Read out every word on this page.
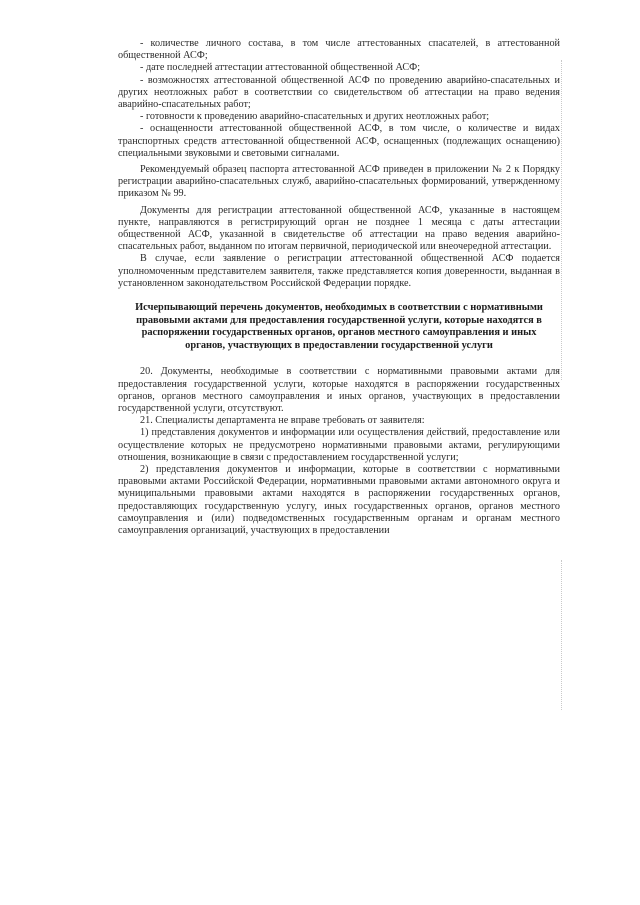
- количестве личного состава, в том числе аттестованных спасателей, в аттестованной общественной АСФ;

- дате последней аттестации аттестованной общественной АСФ;

- возможностях аттестованной общественной АСФ по проведению аварийно-спасательных и других неотложных работ в соответствии со свидетельством об аттестации на право ведения аварийно-спасательных работ;

- готовности к проведению аварийно-спасательных и других неотложных работ;

- оснащенности аттестованной общественной АСФ, в том числе, о количестве и видах транспортных средств аттестованной общественной АСФ, оснащенных (подлежащих оснащению) специальными звуковыми и световыми сигналами.

Рекомендуемый образец паспорта аттестованной АСФ приведен в приложении № 2 к Порядку регистрации аварийно-спасательных служб, аварийно-спасательных формирований, утвержденному приказом № 99.

Документы для регистрации аттестованной общественной АСФ, указанные в настоящем пункте, направляются в регистрирующий орган не позднее 1 месяца с даты аттестации общественной АСФ, указанной в свидетельстве об аттестации на право ведения аварийно-спасательных работ, выданном по итогам первичной, периодической или внеочередной аттестации.

В случае, если заявление о регистрации аттестованной общественной АСФ подается уполномоченным представителем заявителя, также представляется копия доверенности, выданная в установленном законодательством Российской Федерации порядке.

Исчерпывающий перечень документов, необходимых в соответствии с нормативными правовыми актами для предоставления государственной услуги, которые находятся в распоряжении государственных органов, органов местного самоуправления и иных органов, участвующих в предоставлении государственной услуги

20. Документы, необходимые в соответствии с нормативными правовыми актами для предоставления государственной услуги, которые находятся в распоряжении государственных органов, органов местного самоуправления и иных органов, участвующих в предоставлении государственной услуги, отсутствуют.

21. Специалисты департамента не вправе требовать от заявителя:

1) представления документов и информации или осуществления действий, предоставление или осуществление которых не предусмотрено нормативными правовыми актами, регулирующими отношения, возникающие в связи с предоставлением государственной услуги;

2) представления документов и информации, которые в соответствии с нормативными правовыми актами Российской Федерации, нормативными правовыми актами автономного округа и муниципальными правовыми актами находятся в распоряжении государственных органов, предоставляющих государственную услугу, иных государственных органов, органов местного самоуправления и (или) подведомственных государственным органам и органам местного самоуправления организаций, участвующих в предоставлении
